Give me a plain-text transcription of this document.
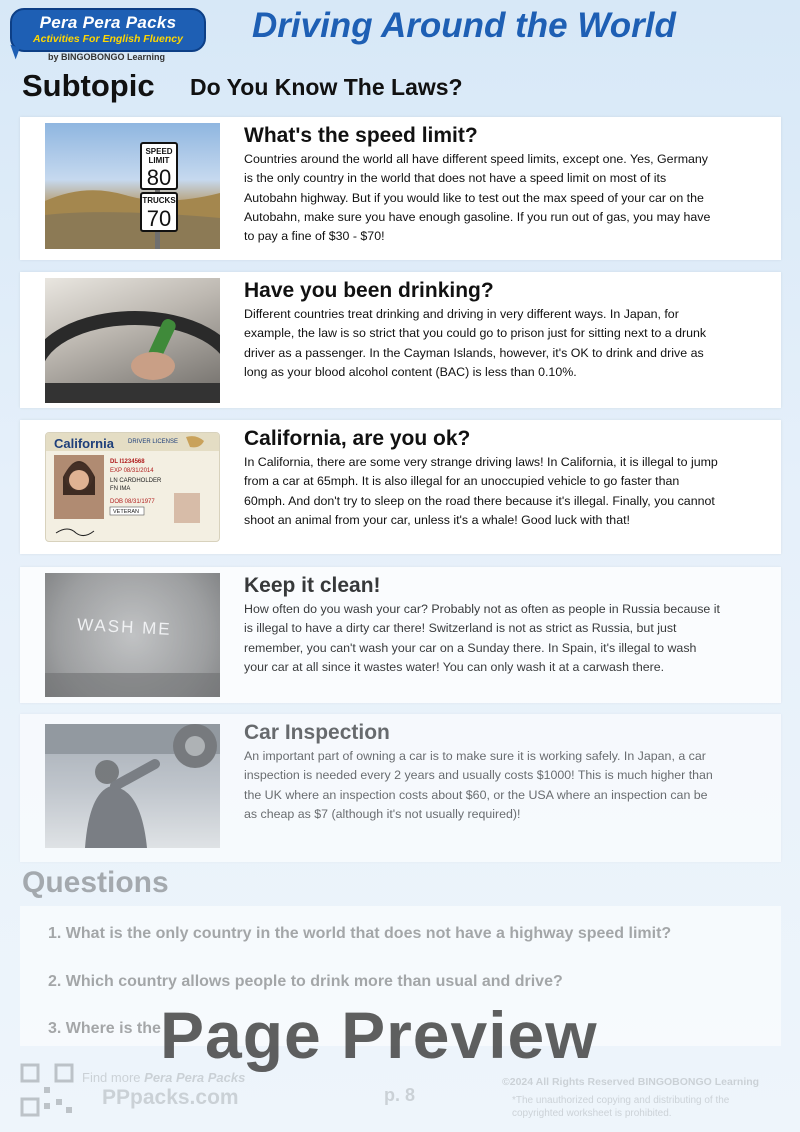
Pera Pera Packs
Activities For English Fluency
by BINGOBONGO Learning
Driving Around the World
Subtopic Do You Know The Laws?
SPEED
LIMIT
80
TRUCKS
70
What's the speed limit?
Countries around the world all have different speed limits, except one. Yes, Germany is the only country in the world that does not have a speed limit on most of its Autobahn highway. But if you would like to test out the max speed of your car on the Autobahn, make sure you have enough gasoline. If you run out of gas, you may have to pay a fine of $30 - $70!
Have you been drinking?
Different countries treat drinking and driving in very different ways. In Japan, for example, the law is so strict that you could go to prison just for sitting next to a drunk driver as a passenger. In the Cayman Islands, however, it's OK to drink and drive as long as your blood alcohol content (BAC) is less than 0.10%.
California DRIVER LICENSE
DL I1234568
EXP 08/31/2014
LN CARDHOLDER
FN IMA
DOB 08/31/1977
VETERAN
California, are you ok?
In California, there are some very strange driving laws! In California, it is illegal to jump from a car at 65mph. It is also illegal for an unoccupied vehicle to go faster than 60mph. And don't try to sleep on the road there because it's illegal. Finally, you cannot shoot an animal from your car, unless it's a whale! Good luck with that!
WASH ME
Keep it clean!
How often do you wash your car? Probably not as often as people in Russia because it is illegal to have a dirty car there! Switzerland is not as strict as Russia, but just remember, you can't wash your car on a Sunday there. In Spain, it's illegal to wash your car at all since it wastes water! You can only wash it at a carwash there.
Car Inspection
An important part of owning a car is to make sure it is working safely. In Japan, a car inspection is needed every 2 years and usually costs $1000! This is much higher than the UK where an inspection costs about $60, or the USA where an inspection can be as cheap as $7 (although it's not usually required)!
Questions
1. What is the only country in the world that does not have a highway speed limit?
2. Which country allows people to drink more than usual and drive?
3. Where is the Page Preview
Find more Pera Pera Packs
PPpacks.com	p. 8
©2024 All Rights Reserved BINGOBONGO Learning
*The unauthorized copying and distributing of the copyrighted worksheet is prohibited.
